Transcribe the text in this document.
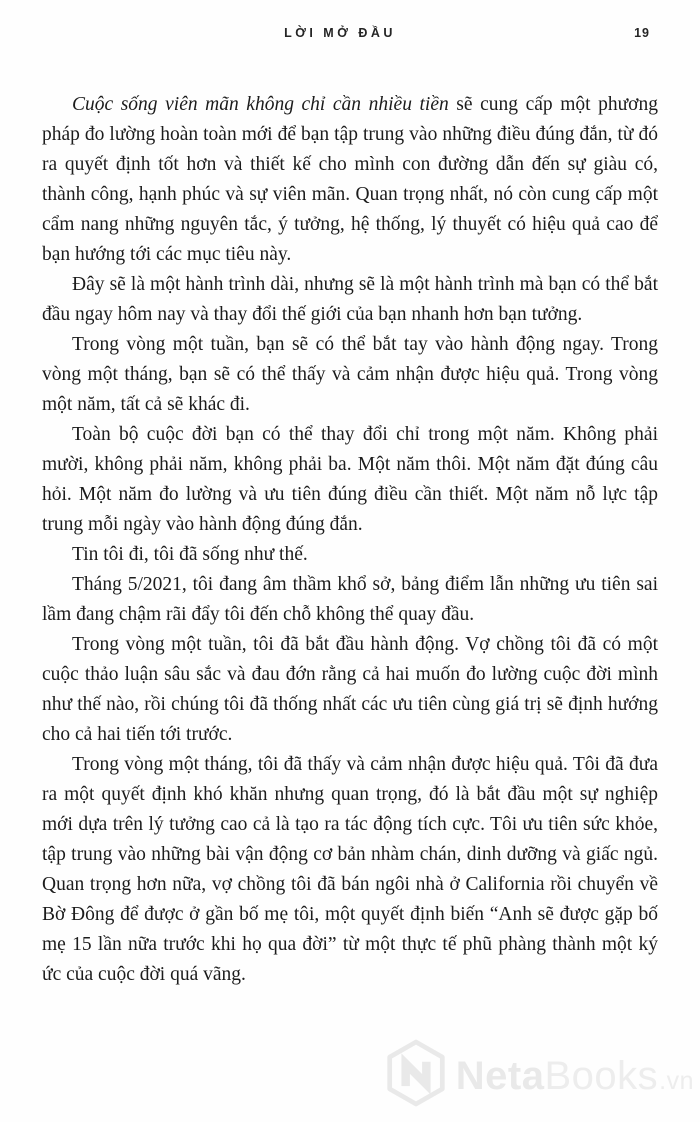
LỜI MỞ ĐẦU	19

Cuộc sống viên mãn không chỉ cần nhiều tiền sẽ cung cấp một phương pháp đo lường hoàn toàn mới để bạn tập trung vào những điều đúng đắn, từ đó ra quyết định tốt hơn và thiết kế cho mình con đường dẫn đến sự giàu có, thành công, hạnh phúc và sự viên mãn. Quan trọng nhất, nó còn cung cấp một cẩm nang những nguyên tắc, ý tưởng, hệ thống, lý thuyết có hiệu quả cao để bạn hướng tới các mục tiêu này.

Đây sẽ là một hành trình dài, nhưng sẽ là một hành trình mà bạn có thể bắt đầu ngay hôm nay và thay đổi thế giới của bạn nhanh hơn bạn tưởng.

Trong vòng một tuần, bạn sẽ có thể bắt tay vào hành động ngay. Trong vòng một tháng, bạn sẽ có thể thấy và cảm nhận được hiệu quả. Trong vòng một năm, tất cả sẽ khác đi.

Toàn bộ cuộc đời bạn có thể thay đổi chỉ trong một năm. Không phải mười, không phải năm, không phải ba. Một năm thôi. Một năm đặt đúng câu hỏi. Một năm đo lường và ưu tiên đúng điều cần thiết. Một năm nỗ lực tập trung mỗi ngày vào hành động đúng đắn.

Tin tôi đi, tôi đã sống như thế.

Tháng 5/2021, tôi đang âm thầm khổ sở, bảng điểm lẫn những ưu tiên sai lầm đang chậm rãi đẩy tôi đến chỗ không thể quay đầu.

Trong vòng một tuần, tôi đã bắt đầu hành động. Vợ chồng tôi đã có một cuộc thảo luận sâu sắc và đau đớn rằng cả hai muốn đo lường cuộc đời mình như thế nào, rồi chúng tôi đã thống nhất các ưu tiên cùng giá trị sẽ định hướng cho cả hai tiến tới trước.

Trong vòng một tháng, tôi đã thấy và cảm nhận được hiệu quả. Tôi đã đưa ra một quyết định khó khăn nhưng quan trọng, đó là bắt đầu một sự nghiệp mới dựa trên lý tưởng cao cả là tạo ra tác động tích cực. Tôi ưu tiên sức khỏe, tập trung vào những bài vận động cơ bản nhàm chán, dinh dưỡng và giấc ngủ. Quan trọng hơn nữa, vợ chồng tôi đã bán ngôi nhà ở California rồi chuyển về Bờ Đông để được ở gần bố mẹ tôi, một quyết định biến “Anh sẽ được gặp bố mẹ 15 lần nữa trước khi họ qua đời” từ một thực tế phũ phàng thành một ký ức của cuộc đời quá vãng.

Neta Books .vn
